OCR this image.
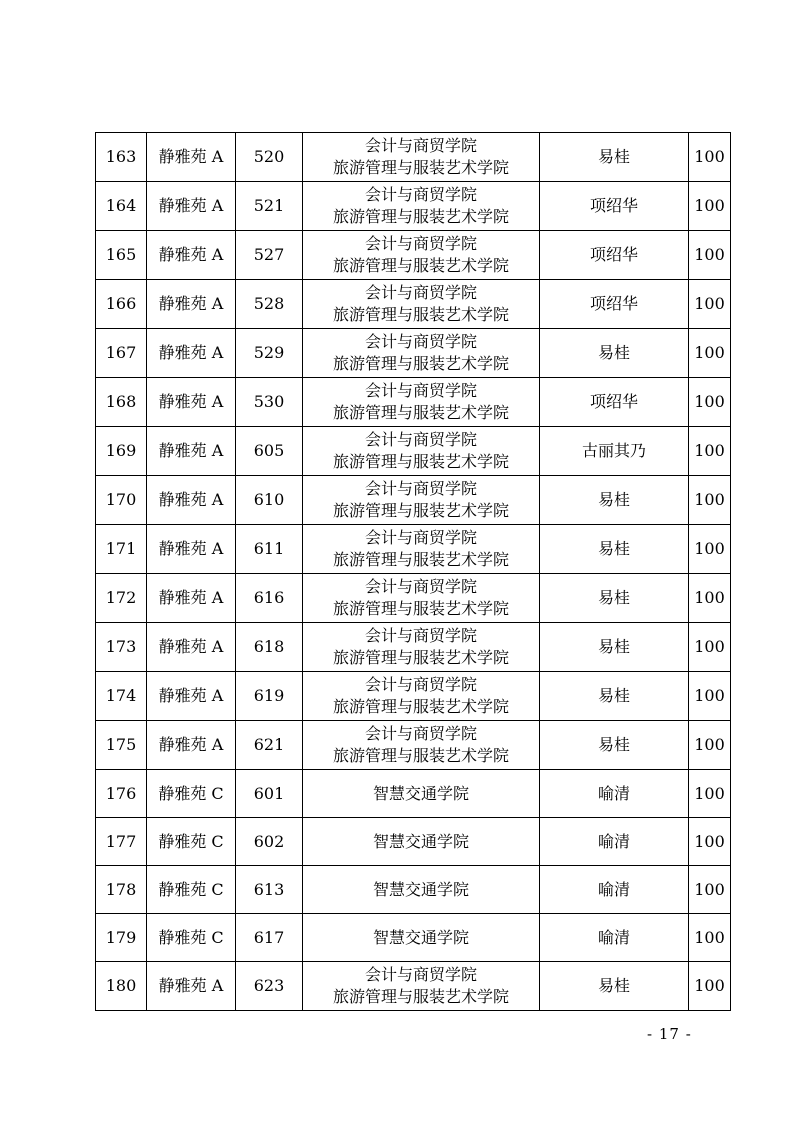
163	静雅苑 A	520	会计与商贸学院
旅游管理与服装艺术学院	易桂	100
164	静雅苑 A	521	会计与商贸学院
旅游管理与服装艺术学院	项绍华	100
165	静雅苑 A	527	会计与商贸学院
旅游管理与服装艺术学院	项绍华	100
166	静雅苑 A	528	会计与商贸学院
旅游管理与服装艺术学院	项绍华	100
167	静雅苑 A	529	会计与商贸学院
旅游管理与服装艺术学院	易桂	100
168	静雅苑 A	530	会计与商贸学院
旅游管理与服装艺术学院	项绍华	100
169	静雅苑 A	605	会计与商贸学院
旅游管理与服装艺术学院	古丽其乃	100
170	静雅苑 A	610	会计与商贸学院
旅游管理与服装艺术学院	易桂	100
171	静雅苑 A	611	会计与商贸学院
旅游管理与服装艺术学院	易桂	100
172	静雅苑 A	616	会计与商贸学院
旅游管理与服装艺术学院	易桂	100
173	静雅苑 A	618	会计与商贸学院
旅游管理与服装艺术学院	易桂	100
174	静雅苑 A	619	会计与商贸学院
旅游管理与服装艺术学院	易桂	100
175	静雅苑 A	621	会计与商贸学院
旅游管理与服装艺术学院	易桂	100
176	静雅苑 C	601	智慧交通学院	喻清	100
177	静雅苑 C	602	智慧交通学院	喻清	100
178	静雅苑 C	613	智慧交通学院	喻清	100
179	静雅苑 C	617	智慧交通学院	喻清	100
180	静雅苑 A	623	会计与商贸学院
旅游管理与服装艺术学院	易桂	100
- 17 -
